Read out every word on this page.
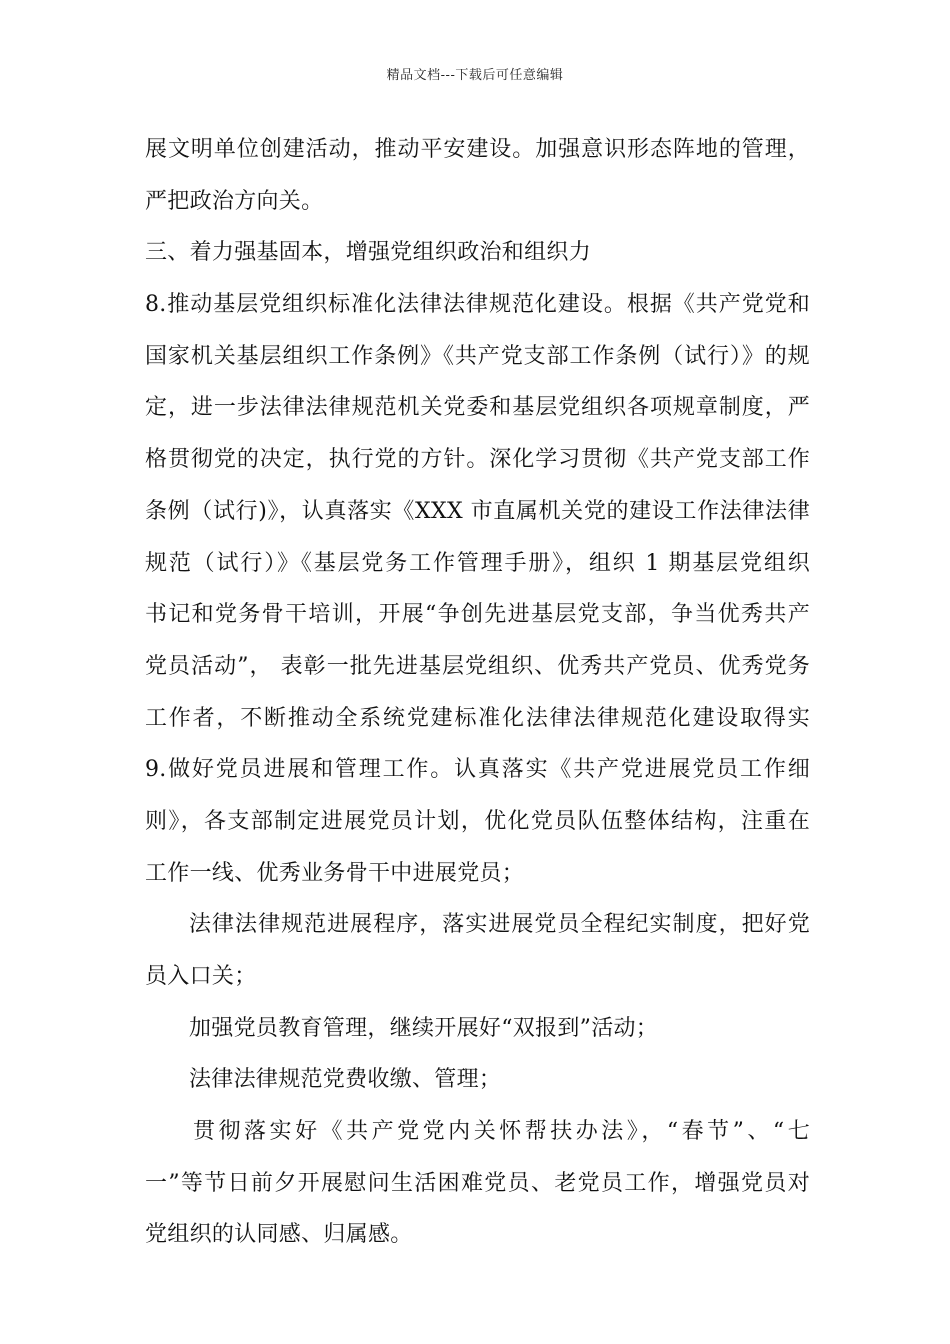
精品文档---下载后可任意编辑
展文明单位创建活动，推动平安建设。加强意识形态阵地的管理，
严把政治方向关。
三、着力强基固本，增强党组织政治和组织力
8.推动基层党组织标准化法律法律规范化建设。根据《共产党党和
国家机关基层组织工作条例》《共产党支部工作条例（试行）》的规
定，进一步法律法律规范机关党委和基层党组织各项规章制度，严
格贯彻党的决定，执行党的方针。深化学习贯彻《共产党支部工作
条例（试行)》，认真落实《XXX 市直属机关党的建设工作法律法律
规范（试行）》《基层党务工作管理手册》，组织 1 期基层党组织
书记和党务骨干培训，开展“争创先进基层党支部，争当优秀共产
党员活动”， 表彰一批先进基层党组织、优秀共产党员、优秀党务
工作者，不断推动全系统党建标准化法律法律规范化建设取得实
9.做好党员进展和管理工作。认真落实《共产党进展党员工作细
则》，各支部制定进展党员计划，优化党员队伍整体结构，注重在
工作一线、优秀业务骨干中进展党员；
法律法律规范进展程序，落实进展党员全程纪实制度，把好党
员入口关；
加强党员教育管理，继续开展好“双报到”活动；
法律法律规范党费收缴、管理；
贯彻落实好《共产党党内关怀帮扶办法》，“春节”、“七
一”等节日前夕开展慰问生活困难党员、老党员工作，增强党员对
党组织的认同感、归属感。
